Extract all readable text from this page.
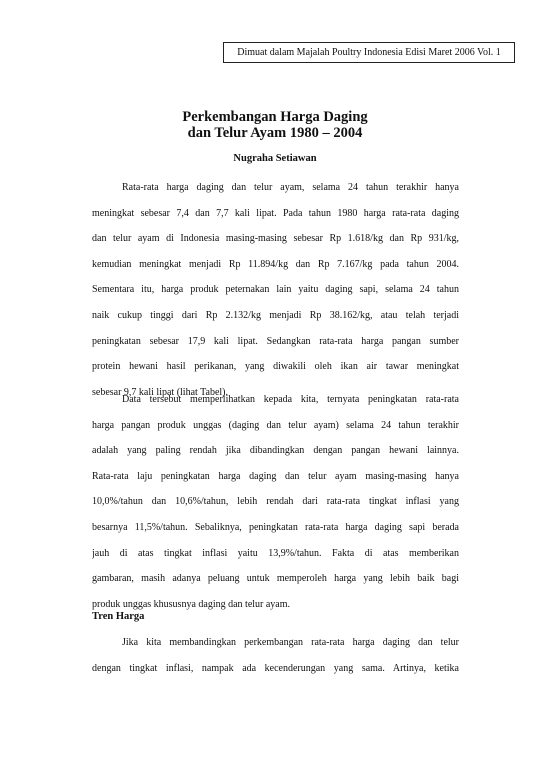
Dimuat dalam Majalah Poultry Indonesia Edisi Maret 2006 Vol. 1
Perkembangan Harga Daging
dan Telur Ayam 1980 – 2004
Nugraha Setiawan
Rata-rata harga daging dan telur ayam, selama 24 tahun terakhir hanya
meningkat sebesar 7,4 dan 7,7 kali lipat. Pada tahun 1980 harga rata-rata daging
dan telur ayam di Indonesia masing-masing sebesar Rp 1.618/kg dan Rp 931/kg,
kemudian meningkat menjadi Rp 11.894/kg dan Rp 7.167/kg pada tahun 2004.
Sementara itu, harga produk peternakan lain yaitu daging sapi, selama 24 tahun
naik cukup tinggi dari Rp 2.132/kg menjadi Rp 38.162/kg, atau telah terjadi
peningkatan sebesar 17,9 kali lipat. Sedangkan rata-rata harga pangan sumber
protein hewani hasil perikanan, yang diwakili oleh ikan air tawar meningkat
sebesar 9,7 kali lipat (lihat Tabel).
Data tersebut memperlihatkan kepada kita, ternyata peningkatan rata-rata
harga pangan produk unggas (daging dan telur ayam) selama 24 tahun terakhir
adalah yang paling rendah jika dibandingkan dengan pangan hewani lainnya.
Rata-rata laju peningkatan harga daging dan telur ayam masing-masing hanya
10,0%/tahun dan 10,6%/tahun, lebih rendah dari rata-rata tingkat inflasi yang
besarnya 11,5%/tahun. Sebaliknya, peningkatan rata-rata harga daging sapi berada
jauh di atas tingkat inflasi yaitu 13,9%/tahun. Fakta di atas memberikan
gambaran, masih adanya peluang untuk memperoleh harga yang lebih baik bagi
produk unggas khususnya daging dan telur ayam.
Tren Harga
Jika kita membandingkan perkembangan rata-rata harga daging dan telur
dengan tingkat inflasi, nampak ada kecenderungan yang sama. Artinya, ketika
